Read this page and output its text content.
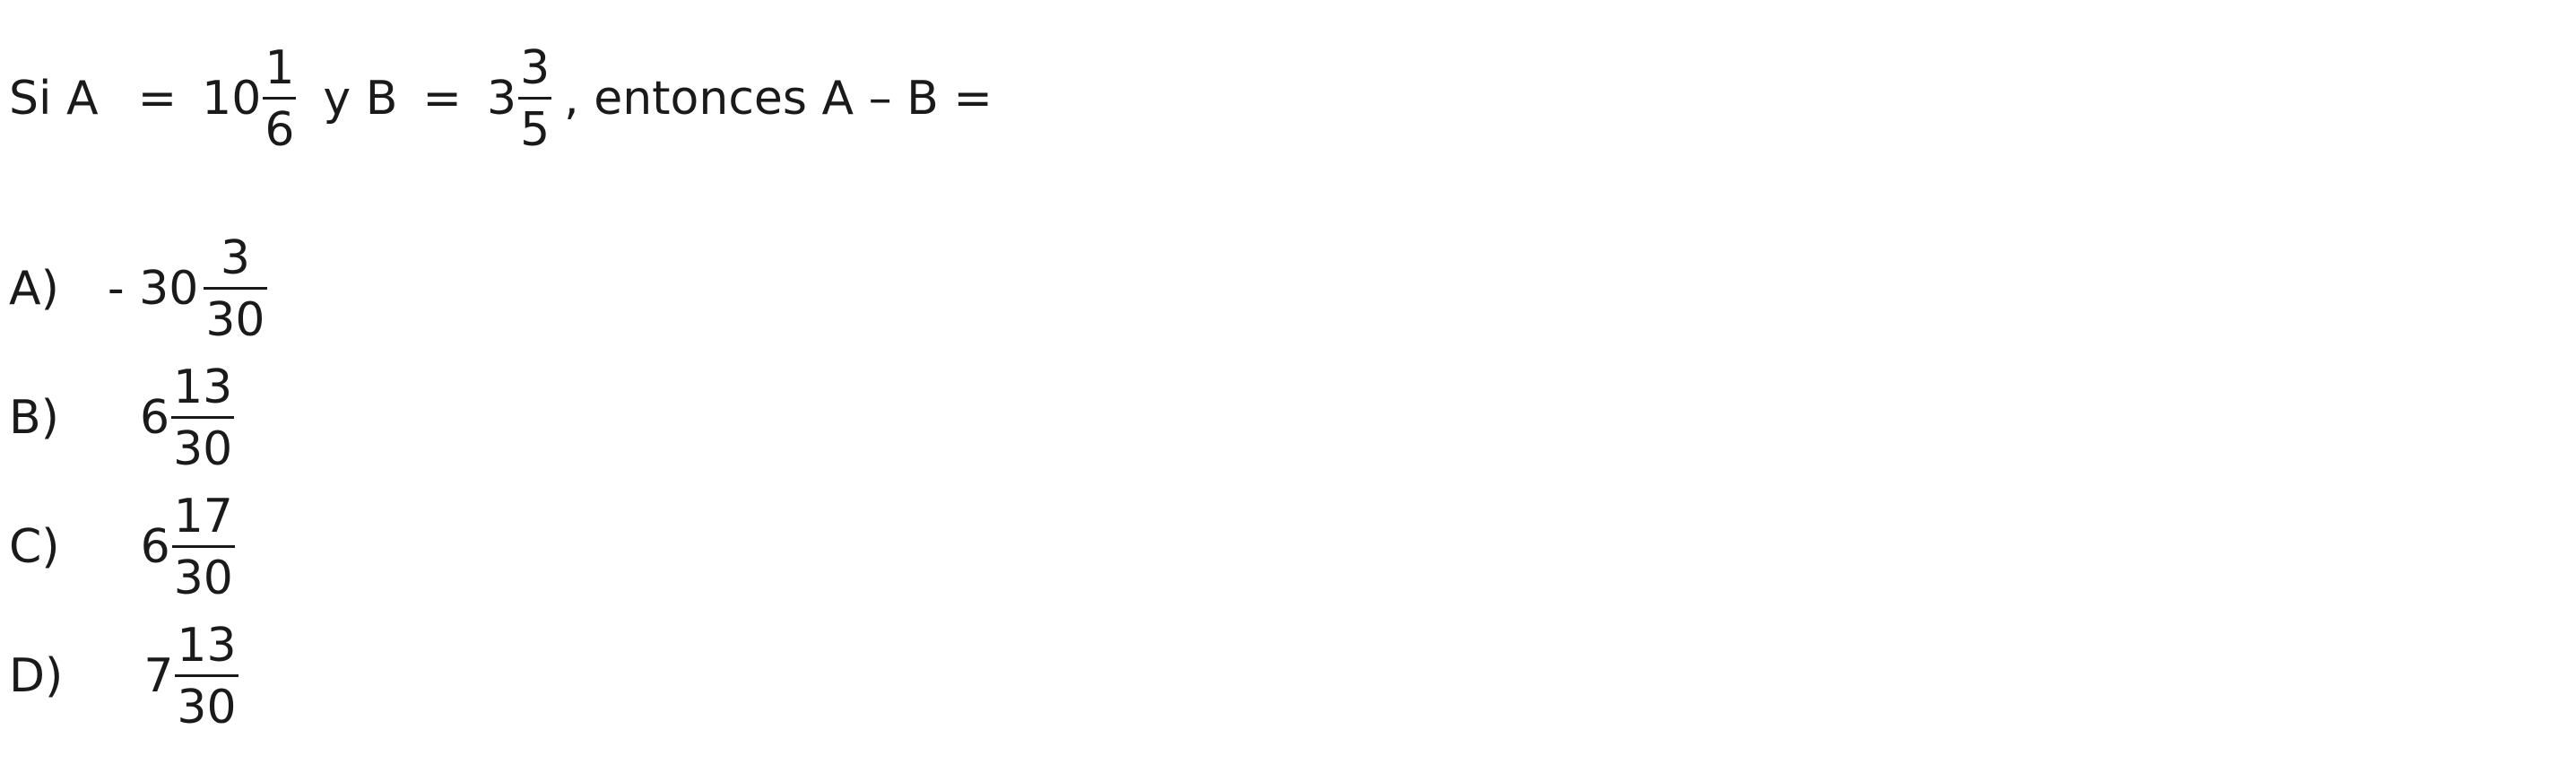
Si $A = 10 \frac{1}{6}$ y $B = 3 \frac{3}{5}$ , entonces A – B =
$A) - 30 \frac{3}{30}$
B) $6 \frac{13}{30}$
C) $6 \frac{17}{30}$
D) $7 \frac{13}{30}$
